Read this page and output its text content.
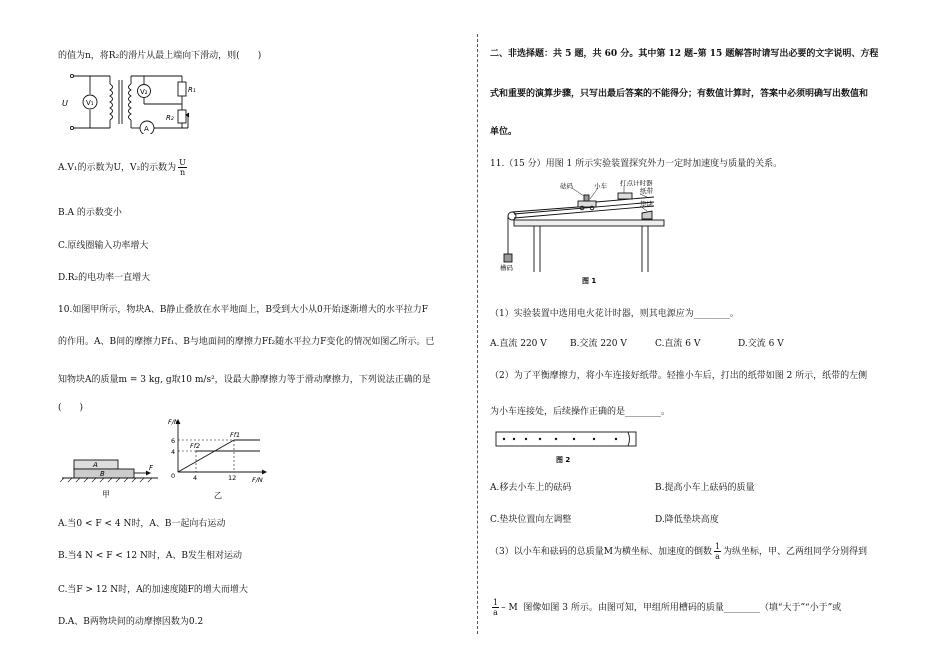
的值为n，将R₂的滑片从最上端向下滑动，则(　　)
U	V₁
V₂	R₁
R₂
A
A.V₁的示数为U，V₂的示数为 $\frac{U}{n}$
B.A 的示数变小
C.原线圈输入功率增大
D.R₂的电功率一直增大
10.如图甲所示，物块A、B静止叠放在水平地面上，B受到大小从0开始逐渐增大的水平拉力F
的作用。A、B间的摩擦力Ff₁、B与地面间的摩擦力Ff₂随水平拉力F变化的情况如图乙所示。已
知物块A的质量m = 3 kg, g取10 m/s²，设最大静摩擦力等于滑动摩擦力，下列说法正确的是
(　　)
A
B
F
甲
F/N
F/N
0
6
4
4	12
Ff2
Ff1
乙
A.当0 < F < 4 N时，A、B一起向右运动
B.当4 N < F < 12 N时，A、B发生相对运动
C.当F > 12 N时，A的加速度随F的增大而增大
D.A、B两物块间的动摩擦因数为0.2
二、非选择题：共 5 题，共 60 分。其中第 12 题–第 15 题解答时请写出必要的文字说明、方程
式和重要的演算步骤，只写出最后答案的不能得分；有数值计算时，答案中必须明确写出数值和
单位。
11.（15 分）用图 1 所示实验装置探究外力一定时加速度与质量的关系。
砝码	小车 打点计时器
纸带
垫块
槽码
图 1
（1）实验装置中选用电火花计时器，则其电源应为________。
A.直流 220 V	B.交流 220 V	C.直流 6 V	D.交流 6 V
（2）为了平衡摩擦力，将小车连接好纸带。轻推小车后，打出的纸带如图 2 所示，纸带的左侧
为小车连接处，后续操作正确的是________。
图 2
A.移去小车上的砝码	B.提高小车上砝码的质量
C.垫块位置向左调整	D.降低垫块高度
（3）以小车和砝码的总质量M为横坐标、加速度的倒数 $\frac{1}{a}$ 为纵坐标，甲、乙两组同学分别得到
$\frac{1}{a}$ – M 图像如图 3 所示。由图可知，甲组所用槽码的质量________（填“大于”“小于”或
